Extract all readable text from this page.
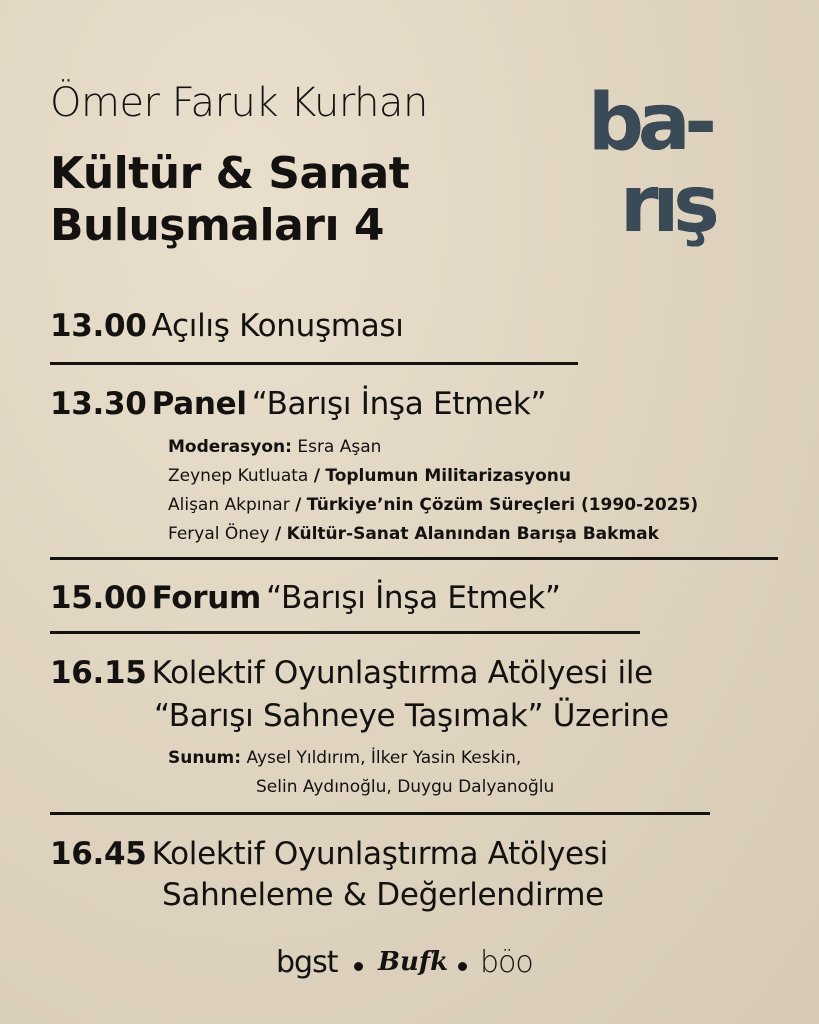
Ömer Faruk Kurhan
Kültür & Sanat
Buluşmaları 4
ba-
rış
13.00 Açılış Konuşması
13.30 Panel “Barışı İnşa Etmek”
Moderasyon: Esra Aşan
Zeynep Kutluata / Toplumun Militarizasyonu
Alişan Akpınar / Türkiye’nin Çözüm Süreçleri (1990-2025)
Feryal Öney / Kültür-Sanat Alanından Barışa Bakmak
15.00 Forum “Barışı İnşa Etmek”
16.15 Kolektif Oyunlaştırma Atölyesi ile
“Barışı Sahneye Taşımak” Üzerine
Sunum: Aysel Yıldırım, İlker Yasin Keskin,
Selin Aydınoğlu, Duygu Dalyanoğlu
16.45 Kolektif Oyunlaştırma Atölyesi
Sahneleme & Değerlendirme
bgst Bufk böo
